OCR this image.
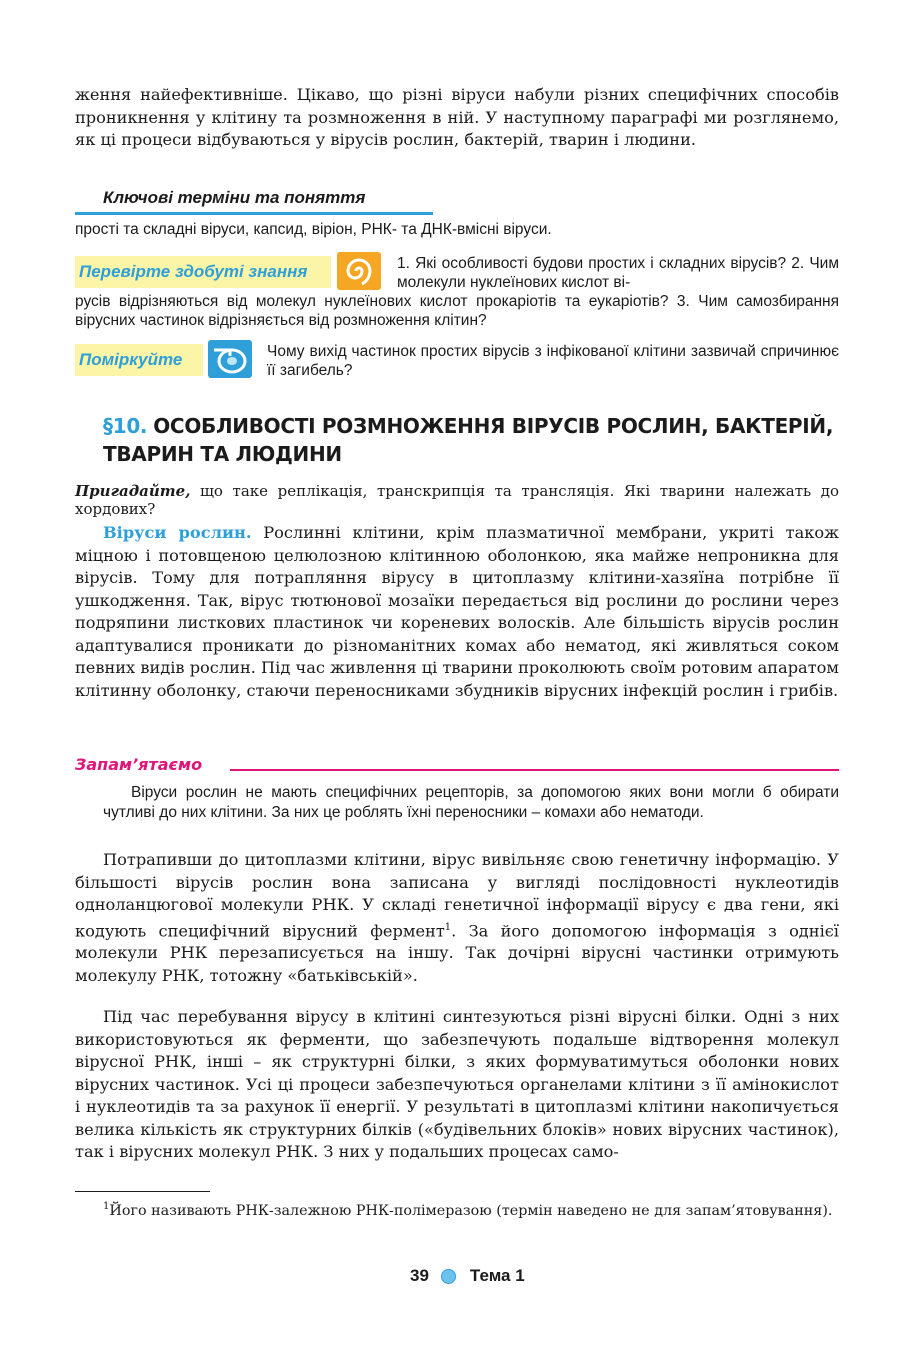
ження найефективніше. Цікаво, що різні віруси набули різних специфічних способів проникнення у клітину та розмноження в ній. У наступному параграфі ми розглянемо, як ці процеси відбуваються у вірусів рослин, бактерій, тварин і людини.

Ключові терміни та поняття

прості та складні віруси, капсид, віріон, РНК- та ДНК-вмісні віруси.

Перевірте здобуті знання	1. Які особливості будови простих і складних вірусів? 2. Чим молекули нуклеїнових кислот ві-

русів відрізняються від молекул нуклеїнових кислот прокаріотів та еукаріотів? 3. Чим самозбирання вірусних частинок відрізняється від розмноження клітин?

Поміркуйте	Чому вихід частинок простих вірусів з інфікованої клітини зазвичай спричинює її загибель?

§10. ОСОБЛИВОСТІ РОЗМНОЖЕННЯ ВІРУСІВ РОСЛИН, БАКТЕРІЙ, ТВАРИН ТА ЛЮДИНИ

Пригадайте, що таке реплікація, транскрипція та трансляція. Які тварини належать до хордових?

Віруси рослин. Рослинні клітини, крім плазматичної мембрани, укриті також міцною і потовщеною целюлозною клітинною оболонкою, яка майже непроникна для вірусів. Тому для потрапляння вірусу в цитоплазму клітини-хазяїна потрібне її ушкодження. Так, вірус тютюнової мозаїки передається від рослини до рослини через подряпини листкових пластинок чи кореневих волосків. Але більшість вірусів рослин адаптувалися проникати до різноманітних комах або нематод, які живляться соком певних видів рослин. Під час живлення ці тварини проколюють своїм ротовим апаратом клітинну оболонку, стаючи переносниками збудників вірусних інфекцій рослин і грибів.

Запам’ятаємо

Віруси рослин не мають специфічних рецепторів, за допомогою яких вони могли б обирати чутливі до них клітини. За них це роблять їхні переносники – комахи або нематоди.

Потрапивши до цитоплазми клітини, вірус вивільняє свою генетичну інформацію. У більшості вірусів рослин вона записана у вигляді послідовності нуклеотидів одноланцюгової молекули РНК. У складі генетичної інформації вірусу є два гени, які кодують специфічний вірусний фермент$^1$. За його допомогою інформація з однієї молекули РНК перезаписується на іншу. Так дочірні вірусні частинки отримують молекулу РНК, тотожну «батьківській».

Під час перебування вірусу в клітині синтезуються різні вірусні білки. Одні з них використовуються як ферменти, що забезпечують подальше відтворення молекул вірусної РНК, інші – як структурні білки, з яких формуватимуться оболонки нових вірусних частинок. Усі ці процеси забезпечуються органелами клітини з її амінокислот і нуклеотидів та за рахунок її енергії. У результаті в цитоплазмі клітини накопичується велика кількість як структурних білків («будівельних блоків» нових вірусних частинок), так і вірусних молекул РНК. З них у подальших процесах само-

$^1$Його називають РНК-залежною РНК-полімеразою (термін наведено не для запам’ятовування).

39 Тема 1
